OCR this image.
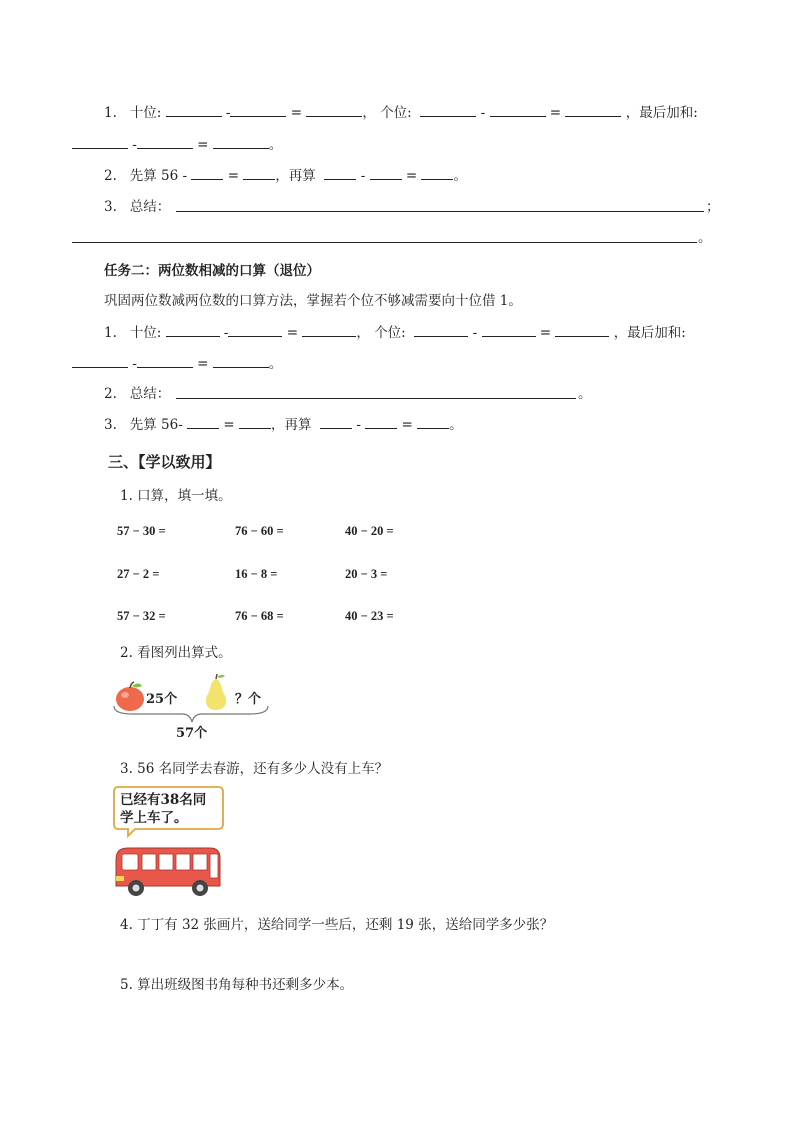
1. 十位:	-	=	， 个位:	-	=	，最后加和:
-	=	。
2. 先算 56 -	=	，再算	-	=	。
3. 总结：	；
。
任务二：两位数相减的口算（退位）
巩固两位数减两位数的口算方法，掌握若个位不够减需要向十位借 1。
1. 十位:	-	=	， 个位:	-	=	，最后加和:
-	=	。
2. 总结：	。
3. 先算 56-	=	，再算	-	=	。
三、【学以致用】
1. 口算，填一填。
57 − 30 =	76 − 60 =	40 − 20 =
27 − 2 =	16 − 8 =	20 − 3 =
57 − 32 =	76 − 68 =	40 − 23 =
2. 看图列出算式。
25个	？个
57个
3. 56 名同学去春游，还有多少人没有上车？
已经有38名同
学上车了。
4. 丁丁有 32 张画片，送给同学一些后，还剩 19 张，送给同学多少张？
5. 算出班级图书角每种书还剩多少本。
